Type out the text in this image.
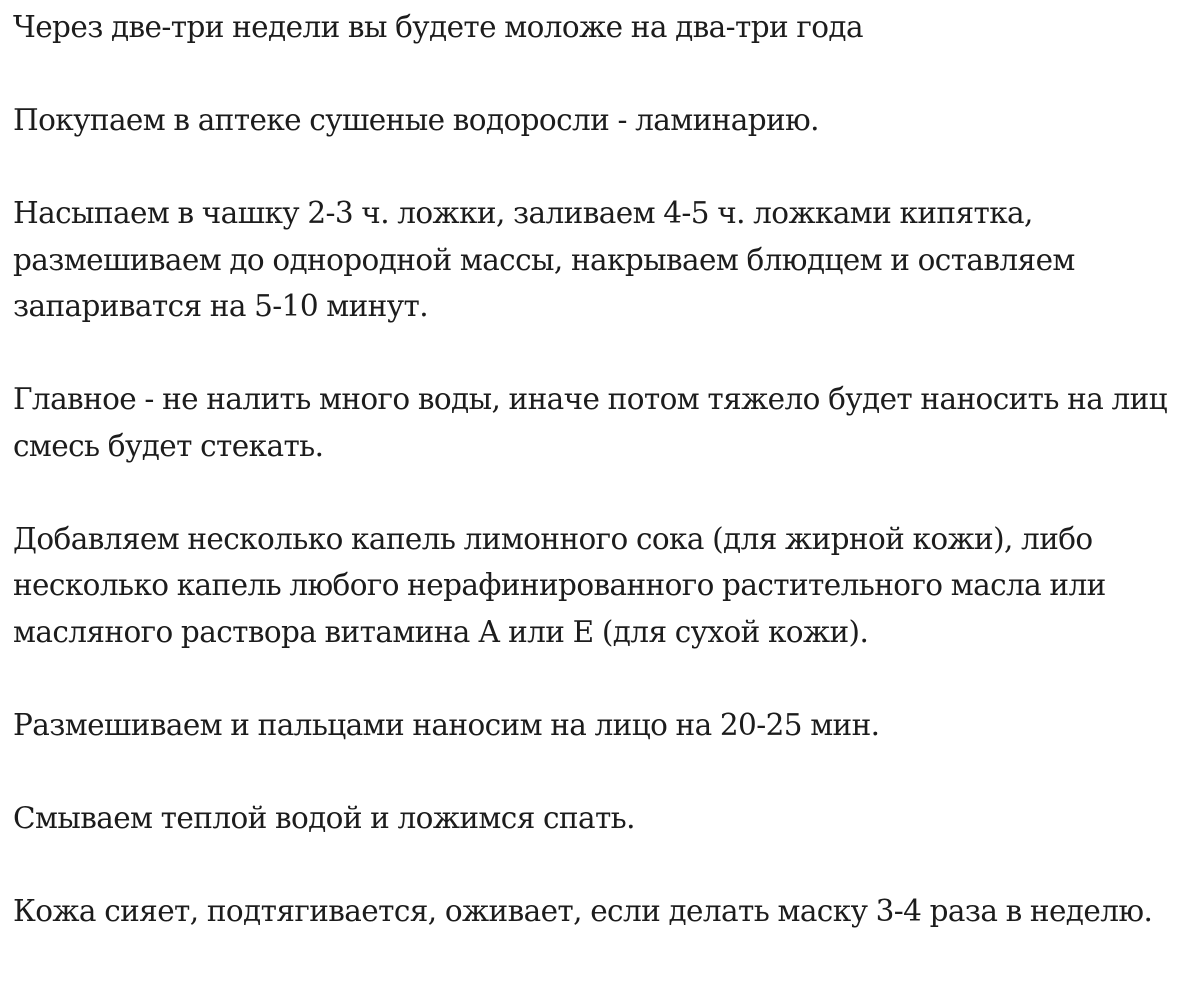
Через две-три недели вы будете моложе на два-три года

Покупаем в аптеке сушеные водоросли - ламинарию.

Насыпаем в чашку 2-3 ч. ложки, заливаем 4-5 ч. ложками кипятка,
размешиваем до однородной массы, накрываем блюдцем и оставляем
запариватся на 5-10 минут.

Главное - не налить много воды, иначе потом тяжело будет наносить на лиц
смесь будет стекать.

Добавляем несколько капель лимонного сока (для жирной кожи), либо
несколько капель любого нерафинированного растительного масла или
масляного раствора витамина А или Е (для сухой кожи).

Размешиваем и пальцами наносим на лицо на 20-25 мин.

Смываем теплой водой и ложимся спать.

Кожа сияет, подтягивается, оживает, если делать маску 3-4 раза в неделю.
